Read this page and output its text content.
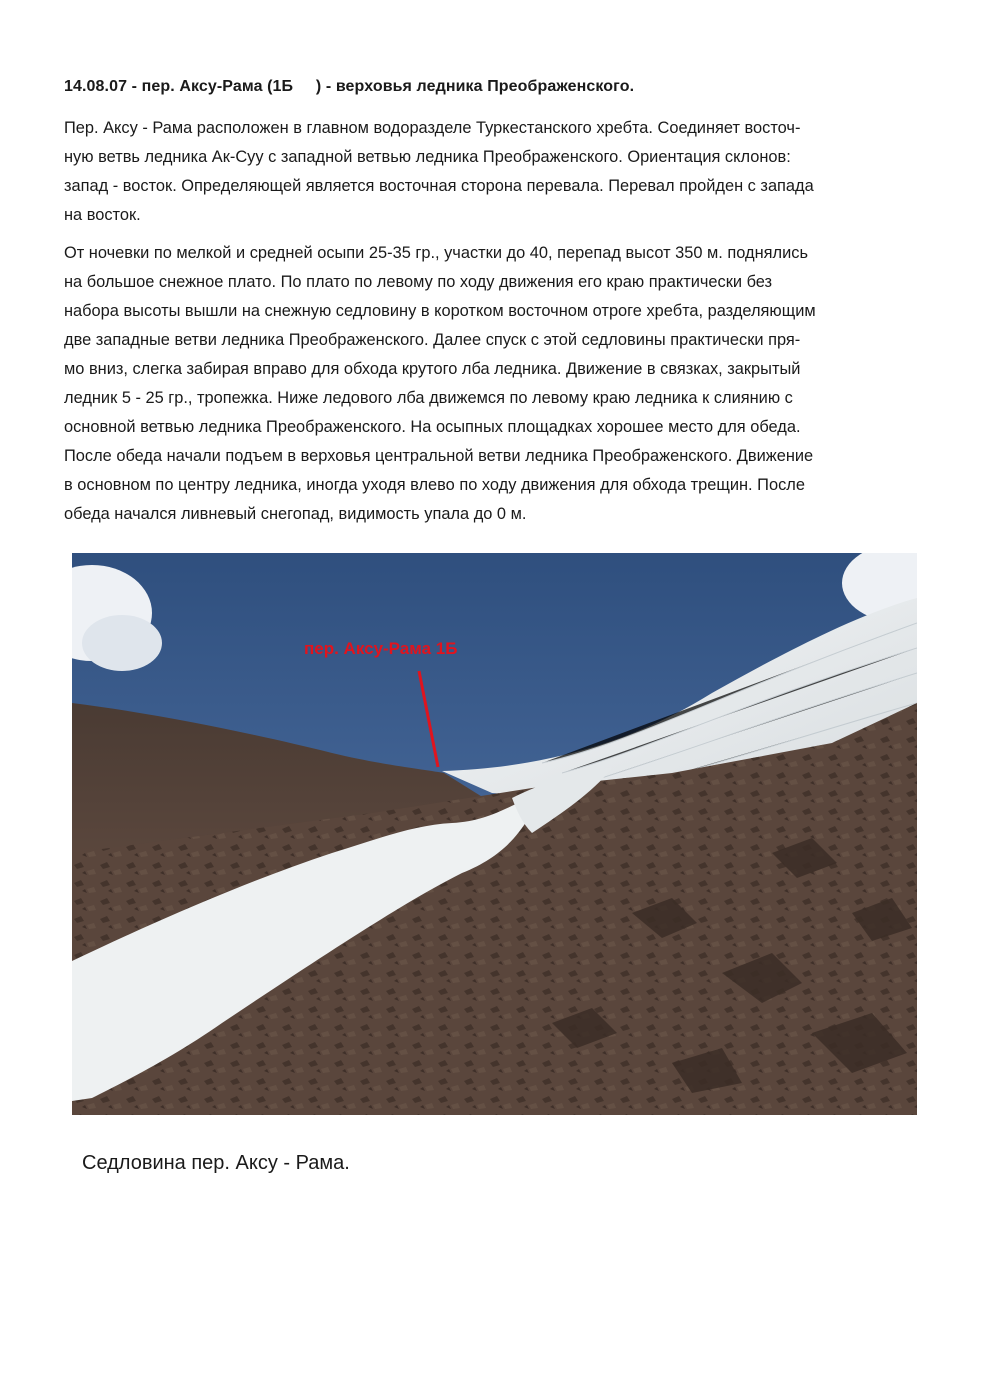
14.08.07 - пер. Аксу-Рама (1Б     ) - верховья ледника Преображенского.
Пер. Аксу - Рама расположен в главном водоразделе Туркестанского хребта. Соединяет восточ-
ную ветвь ледника Ак-Суу с западной ветвью ледника Преображенского. Ориентация склонов:
запад - восток. Определяющей является восточная сторона перевала. Перевал пройден с запада
на восток.
От ночевки по мелкой и средней осыпи 25-35 гр., участки до 40, перепад высот 350 м. поднялись
на большое снежное плато. По плато по левому по ходу движения его краю практически без
набора высоты вышли на снежную седловину в коротком восточном отроге хребта, разделяющим
две западные ветви ледника Преображенского. Далее спуск с этой седловины практически пря-
мо вниз, слегка забирая вправо для обхода крутого лба ледника. Движение в связках, закрытый
ледник 5 - 25 гр., тропежка. Ниже ледового лба движемся по левому краю ледника к слиянию с
основной ветвью ледника Преображенского. На осыпных площадках хорошее место для обеда.
После обеда начали подъем в верховья центральной ветви ледника Преображенского. Движение
в основном по центру ледника, иногда уходя влево по ходу движения для обхода трещин. После
обеда начался ливневый снегопад, видимость упала до 0 м.
пер. Аксу-Рама 1Б
Седловина пер. Аксу - Рама.
